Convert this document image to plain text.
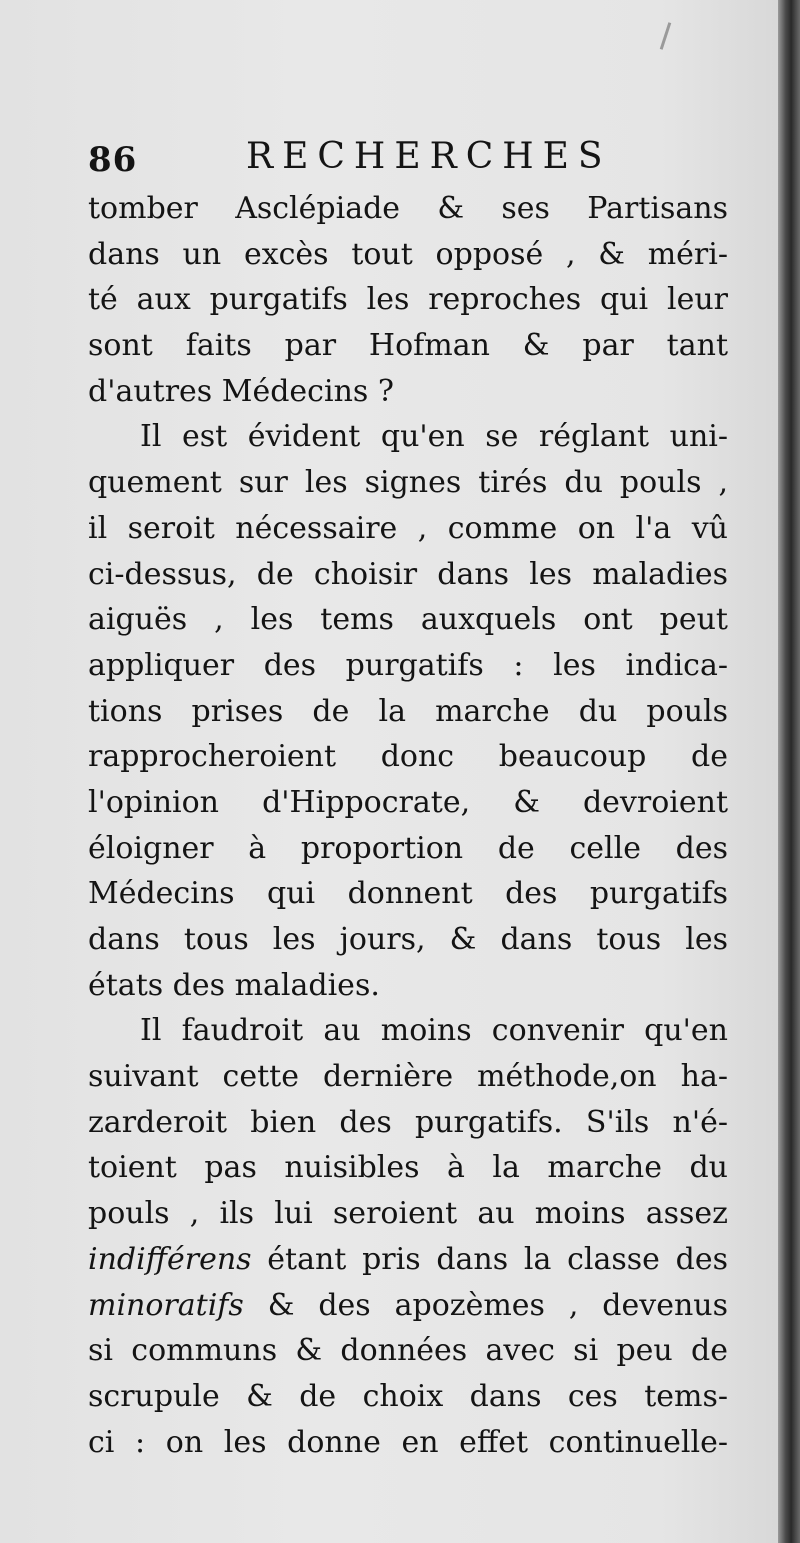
86	RECHERCHES
tomber Asclépiade & ses Partisans
dans un excès tout opposé , & méri-
té aux purgatifs les reproches qui leur
sont faits par Hofman & par tant
d'autres Médecins ?
Il est évident qu'en se réglant uni-
quement sur les signes tirés du pouls ,
il seroit nécessaire , comme on l'a vû
ci-dessus, de choisir dans les maladies
aiguës , les tems auxquels ont peut
appliquer des purgatifs : les indica-
tions prises de la marche du pouls
rapprocheroient donc beaucoup de
l'opinion d'Hippocrate, & devroient
éloigner à proportion de celle des
Médecins qui donnent des purgatifs
dans tous les jours, & dans tous les
états des maladies.
Il faudroit au moins convenir qu'en
suivant cette dernière méthode,on ha-
zarderoit bien des purgatifs. S'ils n'é-
toient pas nuisibles à la marche du
pouls , ils lui seroient au moins assez
indifférens étant pris dans la classe des
minoratifs & des apozèmes , devenus
si communs & données avec si peu de
scrupule & de choix dans ces tems-
ci : on les donne en effet continuelle-
